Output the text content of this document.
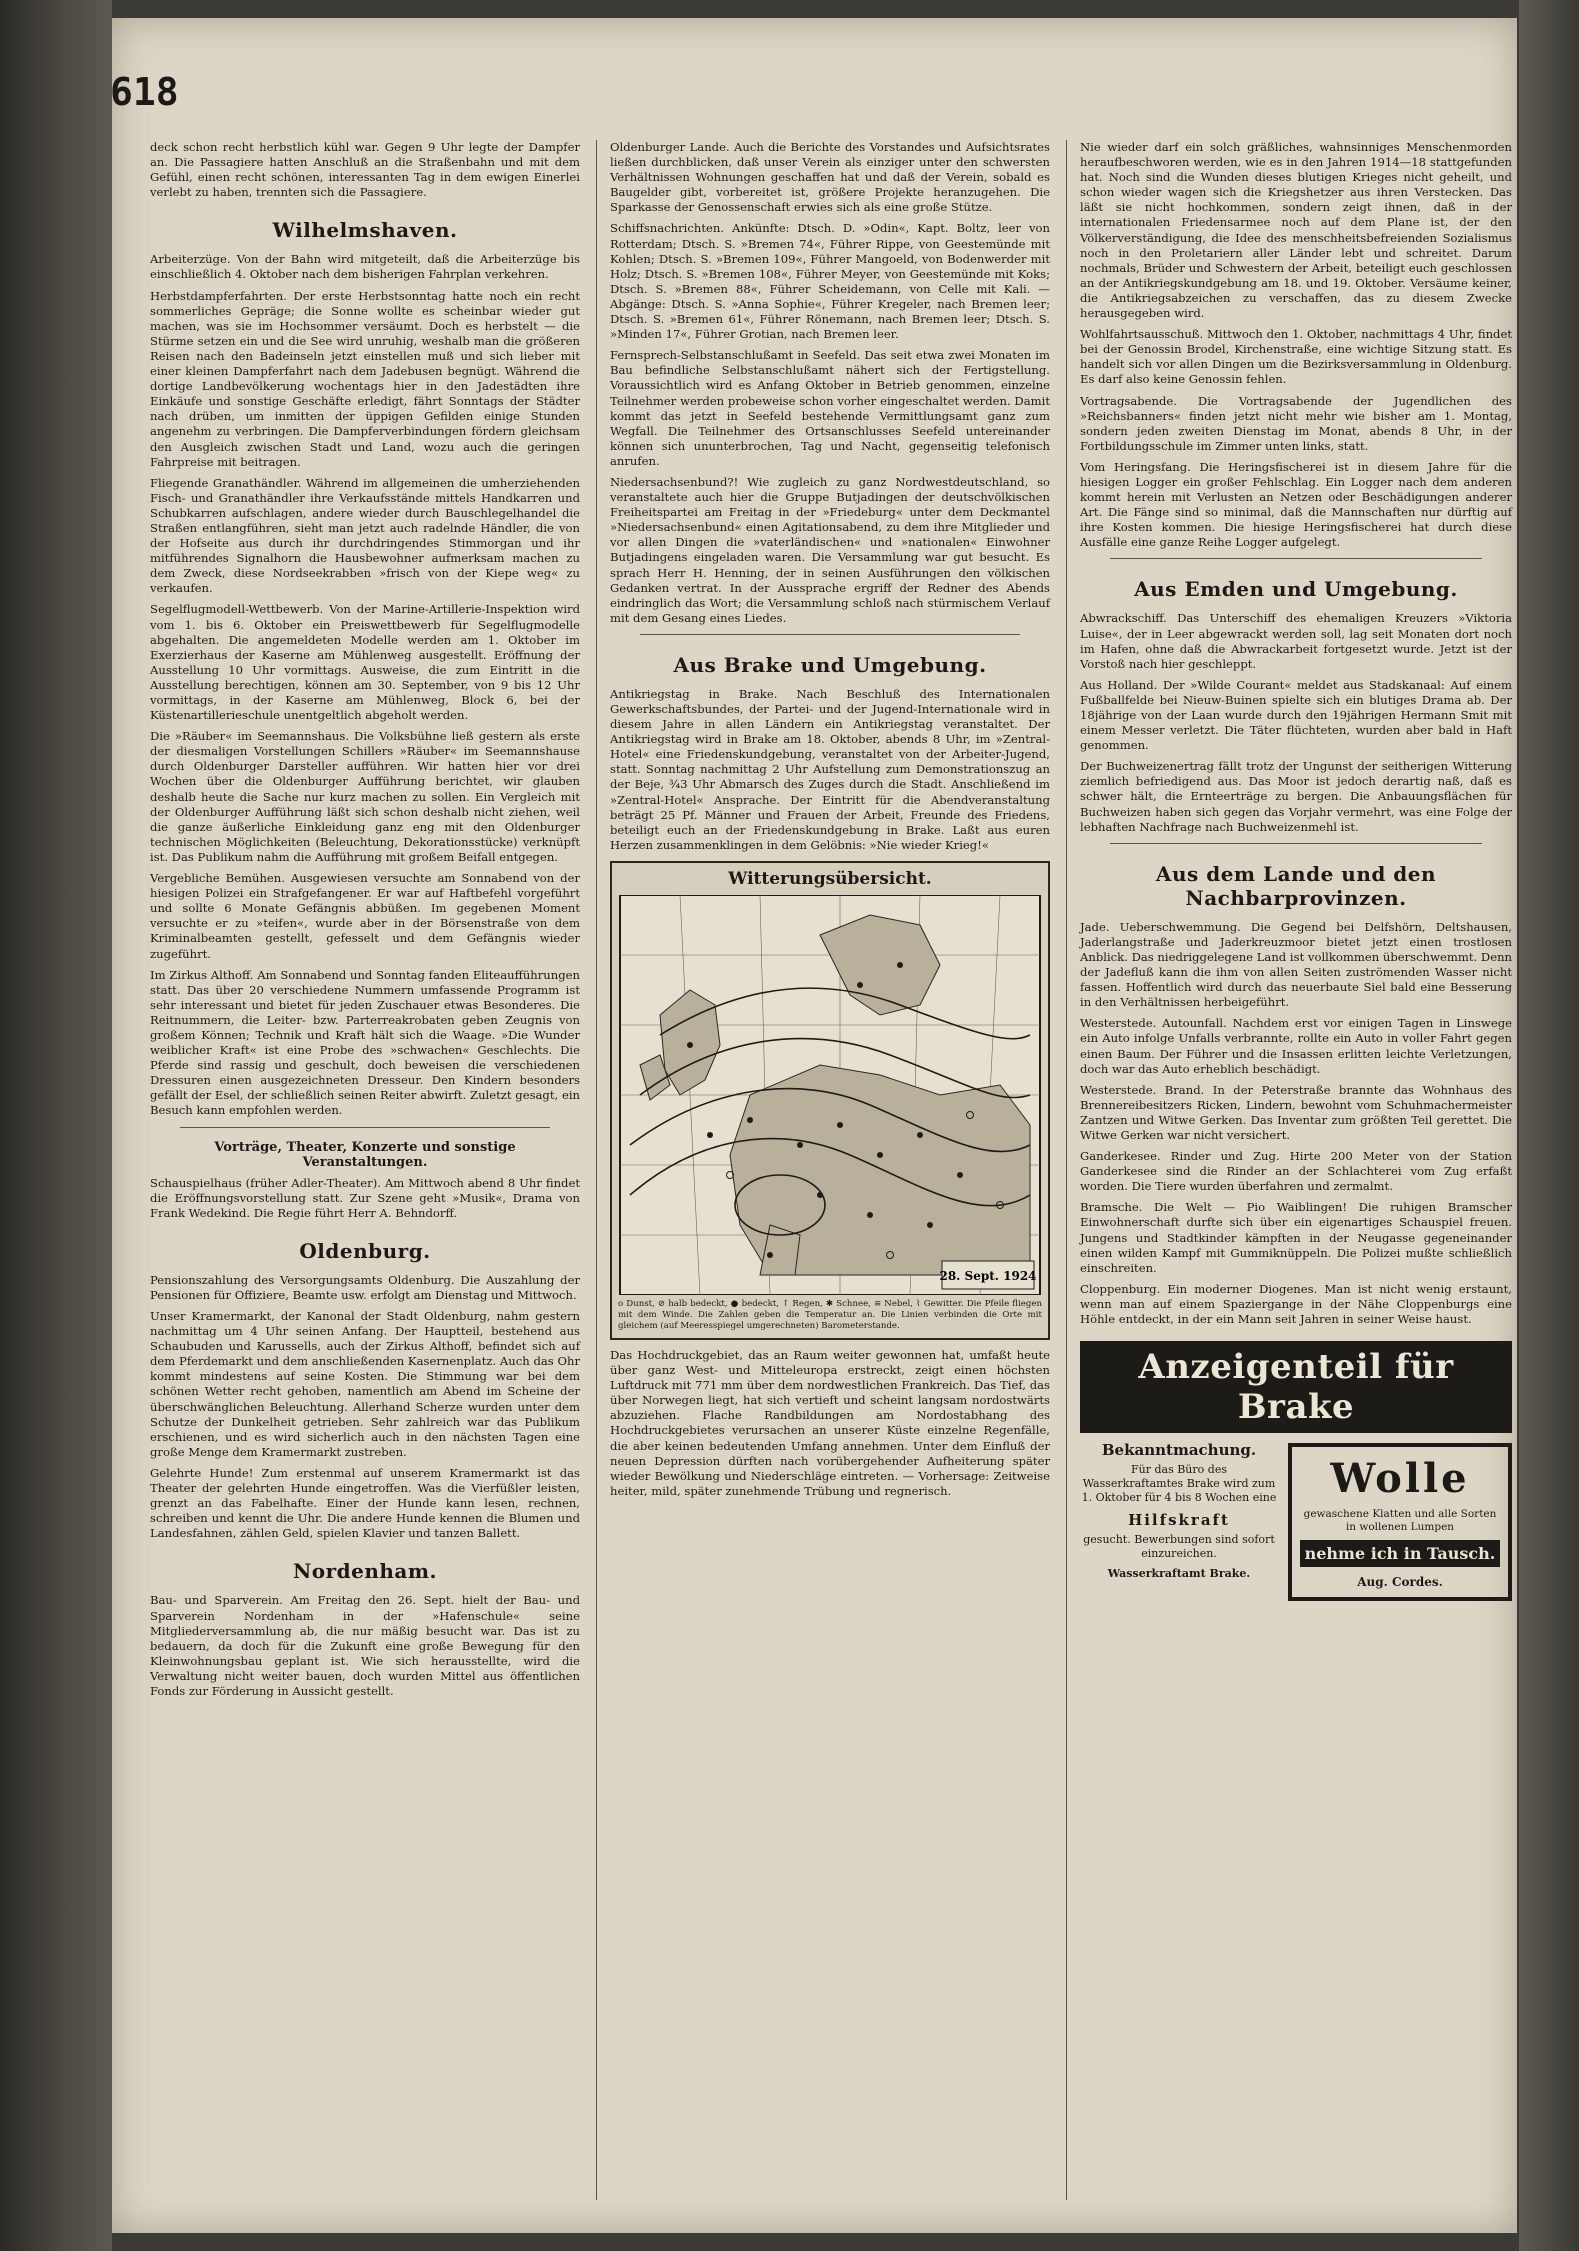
618

deck schon recht herbstlich kühl war. Gegen 9 Uhr legte der Dampfer an. Die Passagiere hatten Anschluß an die Straßenbahn und mit dem Gefühl, einen recht schönen, interessanten Tag in dem ewigen Einerlei verlebt zu haben, trennten sich die Passagiere.

Wilhelmshaven.

Arbeiterzüge. Von der Bahn wird mitgeteilt, daß die Arbeiterzüge bis einschließlich 4. Oktober nach dem bisherigen Fahrplan verkehren.

Herbstdampferfahrten. Der erste Herbstsonntag hatte noch ein recht sommerliches Gepräge; die Sonne wollte es scheinbar wieder gut machen, was sie im Hochsommer versäumt. Doch es herbstelt — die Stürme setzen ein und die See wird unruhig, weshalb man die größeren Reisen nach den Badeinseln jetzt einstellen muß und sich lieber mit einer kleinen Dampferfahrt nach dem Jadebusen begnügt. Während die dortige Landbevölkerung wochentags hier in den Jadestädten ihre Einkäufe und sonstige Geschäfte erledigt, fährt Sonntags der Städter nach drüben, um inmitten der üppigen Gefilden einige Stunden angenehm zu verbringen. Die Dampferverbindungen fördern gleichsam den Ausgleich zwischen Stadt und Land, wozu auch die geringen Fahrpreise mit beitragen.

Fliegende Granathändler. Während im allgemeinen die umherziehenden Fisch- und Granathändler ihre Verkaufsstände mittels Handkarren und Schubkarren aufschlagen, andere wieder durch Bauschlegelhandel die Straßen entlangführen, sieht man jetzt auch radelnde Händler, die von der Hofseite aus durch ihr durchdringendes Stimmorgan und ihr mitführendes Signalhorn die Hausbewohner aufmerksam machen zu dem Zweck, diese Nordseekrabben »frisch von der Kiepe weg« zu verkaufen.

Segelflugmodell-Wettbewerb. Von der Marine-Artillerie-Inspektion wird vom 1. bis 6. Oktober ein Preiswettbewerb für Segelflugmodelle abgehalten. Die angemeldeten Modelle werden am 1. Oktober im Exerzierhaus der Kaserne am Mühlenweg ausgestellt. Eröffnung der Ausstellung 10 Uhr vormittags. Ausweise, die zum Eintritt in die Ausstellung berechtigen, können am 30. September, von 9 bis 12 Uhr vormittags, in der Kaserne am Mühlenweg, Block 6, bei der Küstenartillerieschule unentgeltlich abgeholt werden.

Die »Räuber« im Seemannshaus. Die Volksbühne ließ gestern als erste der diesmaligen Vorstellungen Schillers »Räuber« im Seemannshause durch Oldenburger Darsteller aufführen. Wir hatten hier vor drei Wochen über die Oldenburger Aufführung berichtet, wir glauben deshalb heute die Sache nur kurz machen zu sollen. Ein Vergleich mit der Oldenburger Aufführung läßt sich schon deshalb nicht ziehen, weil die ganze äußerliche Einkleidung ganz eng mit den Oldenburger technischen Möglichkeiten (Beleuchtung, Dekorationsstücke) verknüpft ist. Das Publikum nahm die Aufführung mit großem Beifall entgegen.

Vergebliche Bemühen. Ausgewiesen versuchte am Sonnabend von der hiesigen Polizei ein Strafgefangener. Er war auf Haftbefehl vorgeführt und sollte 6 Monate Gefängnis abbüßen. Im gegebenen Moment versuchte er zu »teifen«, wurde aber in der Börsenstraße von dem Kriminalbeamten gestellt, gefesselt und dem Gefängnis wieder zugeführt.

Im Zirkus Althoff. Am Sonnabend und Sonntag fanden Eliteaufführungen statt. Das über 20 verschiedene Nummern umfassende Programm ist sehr interessant und bietet für jeden Zuschauer etwas Besonderes. Die Reitnummern, die Leiter- bzw. Parterreakrobaten geben Zeugnis von großem Können; Technik und Kraft hält sich die Waage. »Die Wunder weiblicher Kraft« ist eine Probe des »schwachen« Geschlechts. Die Pferde sind rassig und geschult, doch beweisen die verschiedenen Dressuren einen ausgezeichneten Dresseur. Den Kindern besonders gefällt der Esel, der schließlich seinen Reiter abwirft. Zuletzt gesagt, ein Besuch kann empfohlen werden.

Vorträge, Theater, Konzerte und sonstige Veranstaltungen.

Schauspielhaus (früher Adler-Theater). Am Mittwoch abend 8 Uhr findet die Eröffnungsvorstellung statt. Zur Szene geht »Musik«, Drama von Frank Wedekind. Die Regie führt Herr A. Behndorff.

Oldenburg.

Pensionszahlung des Versorgungsamts Oldenburg. Die Auszahlung der Pensionen für Offiziere, Beamte usw. erfolgt am Dienstag und Mittwoch.

Unser Kramermarkt, der Kanonal der Stadt Oldenburg, nahm gestern nachmittag um 4 Uhr seinen Anfang. Der Hauptteil, bestehend aus Schaubuden und Karussells, auch der Zirkus Althoff, befindet sich auf dem Pferdemarkt und dem anschließenden Kasernenplatz. Auch das Ohr kommt mindestens auf seine Kosten. Die Stimmung war bei dem schönen Wetter recht gehoben, namentlich am Abend im Scheine der überschwänglichen Beleuchtung. Allerhand Scherze wurden unter dem Schutze der Dunkelheit getrieben. Sehr zahlreich war das Publikum erschienen, und es wird sicherlich auch in den nächsten Tagen eine große Menge dem Kramermarkt zustreben.

Gelehrte Hunde! Zum erstenmal auf unserem Kramermarkt ist das Theater der gelehrten Hunde eingetroffen. Was die Vierfüßler leisten, grenzt an das Fabelhafte. Einer der Hunde kann lesen, rechnen, schreiben und kennt die Uhr. Die andere Hunde kennen die Blumen und Landesfahnen, zählen Geld, spielen Klavier und tanzen Ballett.

Nordenham.

Bau- und Sparverein. Am Freitag den 26. Sept. hielt der Bau- und Sparverein Nordenham in der »Hafenschule« seine Mitgliederversammlung ab, die nur mäßig besucht war. Das ist zu bedauern, da doch für die Zukunft eine große Bewegung für den Kleinwohnungsbau geplant ist. Wie sich herausstellte, wird die Verwaltung nicht weiter bauen, doch wurden Mittel aus öffentlichen Fonds zur Förderung in Aussicht gestellt.

Oldenburger Lande. Auch die Berichte des Vorstandes und Aufsichtsrates ließen durchblicken, daß unser Verein als einziger unter den schwersten Verhältnissen Wohnungen geschaffen hat und daß der Verein, sobald es Baugelder gibt, vorbereitet ist, größere Projekte heranzugehen. Die Sparkasse der Genossenschaft erwies sich als eine große Stütze.

Schiffsnachrichten. Ankünfte: Dtsch. D. »Odin«, Kapt. Boltz, leer von Rotterdam; Dtsch. S. »Bremen 74«, Führer Rippe, von Geestemünde mit Kohlen; Dtsch. S. »Bremen 109«, Führer Mangoeld, von Bodenwerder mit Holz; Dtsch. S. »Bremen 108«, Führer Meyer, von Geestemünde mit Koks; Dtsch. S. »Bremen 88«, Führer Scheidemann, von Celle mit Kali. — Abgänge: Dtsch. S. »Anna Sophie«, Führer Kregeler, nach Bremen leer; Dtsch. S. »Bremen 61«, Führer Rönemann, nach Bremen leer; Dtsch. S. »Minden 17«, Führer Grotian, nach Bremen leer.

Fernsprech-Selbstanschlußamt in Seefeld. Das seit etwa zwei Monaten im Bau befindliche Selbstanschlußamt nähert sich der Fertigstellung. Voraussichtlich wird es Anfang Oktober in Betrieb genommen, einzelne Teilnehmer werden probeweise schon vorher eingeschaltet werden. Damit kommt das jetzt in Seefeld bestehende Vermittlungsamt ganz zum Wegfall. Die Teilnehmer des Ortsanschlusses Seefeld untereinander können sich ununterbrochen, Tag und Nacht, gegenseitig telefonisch anrufen.

Niedersachsenbund?! Wie zugleich zu ganz Nordwestdeutschland, so veranstaltete auch hier die Gruppe Butjadingen der deutschvölkischen Freiheitspartei am Freitag in der »Friedeburg« unter dem Deckmantel »Niedersachsenbund« einen Agitationsabend, zu dem ihre Mitglieder und vor allen Dingen die »vaterländischen« und »nationalen« Einwohner Butjadingens eingeladen waren. Die Versammlung war gut besucht. Es sprach Herr H. Henning, der in seinen Ausführungen den völkischen Gedanken vertrat. In der Aussprache ergriff der Redner des Abends eindringlich das Wort; die Versammlung schloß nach stürmischem Verlauf mit dem Gesang eines Liedes.

Aus Brake und Umgebung.

Antikriegstag in Brake. Nach Beschluß des Internationalen Gewerkschaftsbundes, der Partei- und der Jugend-Internationale wird in diesem Jahre in allen Ländern ein Antikriegstag veranstaltet. Der Antikriegstag wird in Brake am 18. Oktober, abends 8 Uhr, im »Zentral-Hotel« eine Friedenskundgebung, veranstaltet von der Arbeiter-Jugend, statt. Sonntag nachmittag 2 Uhr Aufstellung zum Demonstrationszug an der Beje, ¾3 Uhr Abmarsch des Zuges durch die Stadt. Anschließend im »Zentral-Hotel« Ansprache. Der Eintritt für die Abendveranstaltung beträgt 25 Pf. Männer und Frauen der Arbeit, Freunde des Friedens, beteiligt euch an der Friedenskundgebung in Brake. Laßt aus euren Herzen zusammenklingen in dem Gelöbnis: »Nie wieder Krieg!«

Witterungsübersicht.
28. Sept. 1924
o Dunst, ⊘ halb bedeckt, ● bedeckt, ↑ Regen, ✱ Schnee, ≡ Nebel, ⌇ Gewitter. Die Pfeile fliegen mit dem Winde. Die Zahlen geben die Temperatur an. Die Linien verbinden die Orte mit gleichem (auf Meeresspiegel umgerechneten) Barometerstande.

Das Hochdruckgebiet, das an Raum weiter gewonnen hat, umfaßt heute über ganz West- und Mitteleuropa erstreckt, zeigt einen höchsten Luftdruck mit 771 mm über dem nordwestlichen Frankreich. Das Tief, das über Norwegen liegt, hat sich vertieft und scheint langsam nordostwärts abzuziehen. Flache Randbildungen am Nordostabhang des Hochdruckgebietes verursachen an unserer Küste einzelne Regenfälle, die aber keinen bedeutenden Umfang annehmen. Unter dem Einfluß der neuen Depression dürften nach vorübergehender Aufheiterung später wieder Bewölkung und Niederschläge eintreten. — Vorhersage: Zeitweise heiter, mild, später zunehmende Trübung und regnerisch.

Nie wieder darf ein solch gräßliches, wahnsinniges Menschenmorden heraufbeschworen werden, wie es in den Jahren 1914—18 stattgefunden hat. Noch sind die Wunden dieses blutigen Krieges nicht geheilt, und schon wieder wagen sich die Kriegshetzer aus ihren Verstecken. Das läßt sie nicht hochkommen, sondern zeigt ihnen, daß in der internationalen Friedensarmee noch auf dem Plane ist, der den Völkerverständigung, die Idee des menschheitsbefreienden Sozialismus noch in den Proletariern aller Länder lebt und schreitet. Darum nochmals, Brüder und Schwestern der Arbeit, beteiligt euch geschlossen an der Antikriegskundgebung am 18. und 19. Oktober. Versäume keiner, die Antikriegsabzeichen zu verschaffen, das zu diesem Zwecke herausgegeben wird.

Wohlfahrtsausschuß. Mittwoch den 1. Oktober, nachmittags 4 Uhr, findet bei der Genossin Brodel, Kirchenstraße, eine wichtige Sitzung statt. Es handelt sich vor allen Dingen um die Bezirksversammlung in Oldenburg. Es darf also keine Genossin fehlen.

Vortragsabende. Die Vortragsabende der Jugendlichen des »Reichsbanners« finden jetzt nicht mehr wie bisher am 1. Montag, sondern jeden zweiten Dienstag im Monat, abends 8 Uhr, in der Fortbildungsschule im Zimmer unten links, statt.

Vom Heringsfang. Die Heringsfischerei ist in diesem Jahre für die hiesigen Logger ein großer Fehlschlag. Ein Logger nach dem anderen kommt herein mit Verlusten an Netzen oder Beschädigungen anderer Art. Die Fänge sind so minimal, daß die Mannschaften nur dürftig auf ihre Kosten kommen. Die hiesige Heringsfischerei hat durch diese Ausfälle eine ganze Reihe Logger aufgelegt.

Aus Emden und Umgebung.

Abwrackschiff. Das Unterschiff des ehemaligen Kreuzers »Viktoria Luise«, der in Leer abgewrackt werden soll, lag seit Monaten dort noch im Hafen, ohne daß die Abwrackarbeit fortgesetzt wurde. Jetzt ist der Vorstoß nach hier geschleppt.

Aus Holland. Der »Wilde Courant« meldet aus Stadskanaal: Auf einem Fußballfelde bei Nieuw-Buinen spielte sich ein blutiges Drama ab. Der 18jährige von der Laan wurde durch den 19jährigen Hermann Smit mit einem Messer verletzt. Die Täter flüchteten, wurden aber bald in Haft genommen.

Der Buchweizenertrag fällt trotz der Ungunst der seitherigen Witterung ziemlich befriedigend aus. Das Moor ist jedoch derartig naß, daß es schwer hält, die Ernteerträge zu bergen. Die Anbauungsflächen für Buchweizen haben sich gegen das Vorjahr vermehrt, was eine Folge der lebhaften Nachfrage nach Buchweizenmehl ist.

Aus dem Lande und den Nachbarprovinzen.

Jade. Ueberschwemmung. Die Gegend bei Delfshörn, Deltshausen, Jaderlangstraße und Jaderkreuzmoor bietet jetzt einen trostlosen Anblick. Das niedriggelegene Land ist vollkommen überschwemmt. Denn der Jadefluß kann die ihm von allen Seiten zuströmenden Wasser nicht fassen. Hoffentlich wird durch das neuerbaute Siel bald eine Besserung in den Verhältnissen herbeigeführt.

Westerstede. Autounfall. Nachdem erst vor einigen Tagen in Linswege ein Auto infolge Unfalls verbrannte, rollte ein Auto in voller Fahrt gegen einen Baum. Der Führer und die Insassen erlitten leichte Verletzungen, doch war das Auto erheblich beschädigt.

Westerstede. Brand. In der Peterstraße brannte das Wohnhaus des Brennereibesitzers Ricken, Lindern, bewohnt vom Schuhmachermeister Zantzen und Witwe Gerken. Das Inventar zum größten Teil gerettet. Die Witwe Gerken war nicht versichert.

Ganderkesee. Rinder und Zug. Hirte 200 Meter von der Station Ganderkesee sind die Rinder an der Schlachterei vom Zug erfaßt worden. Die Tiere wurden überfahren und zermalmt.

Bramsche. Die Welt — Pio Waiblingen! Die ruhigen Bramscher Einwohnerschaft durfte sich über ein eigenartiges Schauspiel freuen. Jungens und Stadtkinder kämpften in der Neugasse gegeneinander einen wilden Kampf mit Gummiknüppeln. Die Polizei mußte schließlich einschreiten.

Cloppenburg. Ein moderner Diogenes. Man ist nicht wenig erstaunt, wenn man auf einem Spaziergange in der Nähe Cloppenburgs eine Höhle entdeckt, in der ein Mann seit Jahren in seiner Weise haust.

Anzeigenteil für Brake
Bekanntmachung.
Für das Büro des Wasserkraftamtes Brake wird zum 1. Oktober für 4 bis 8 Wochen eine
Hilfskraft
gesucht. Bewerbungen sind sofort einzureichen.
Wasserkraftamt Brake.
Wolle
gewaschene Klatten und alle Sorten in wollenen Lumpen
nehme ich in Tausch.
Aug. Cordes.
